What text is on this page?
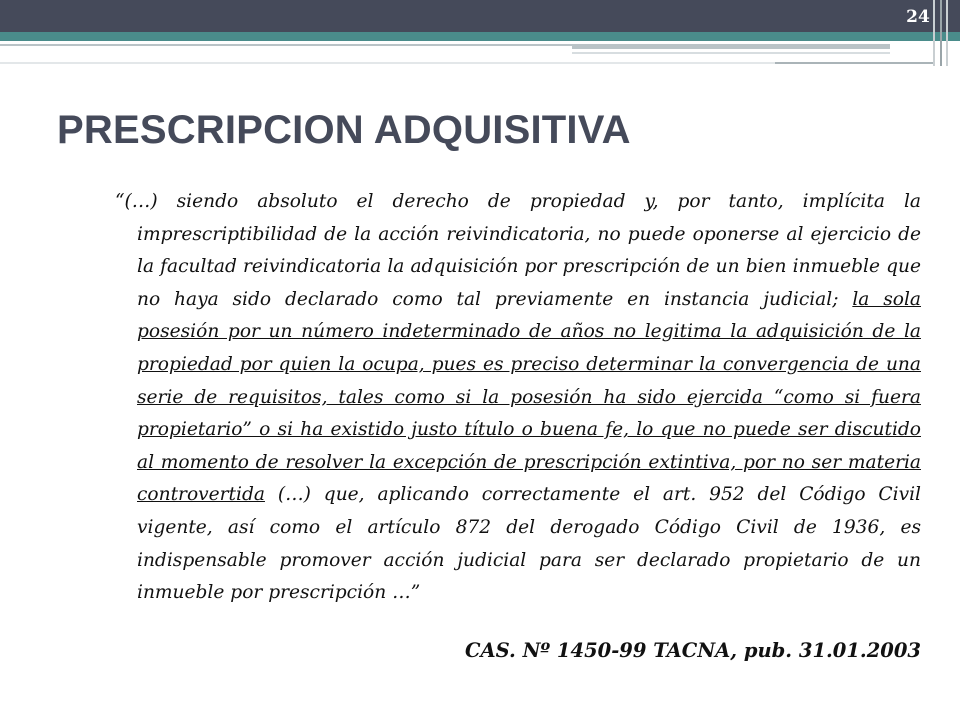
24
PRESCRIPCION ADQUISITIVA

“(…) siendo absoluto el derecho de propiedad y, por tanto, implícita la imprescriptibilidad de la acción reivindicatoria, no puede oponerse al ejercicio de la facultad reivindicatoria la adquisición por prescripción de un bien inmueble que no haya sido declarado como tal previamente en instancia judicial; la sola posesión por un número indeterminado de años no legitima la adquisición de la propiedad por quien la ocupa, pues es preciso determinar la convergencia de una serie de requisitos, tales como si la posesión ha sido ejercida “como si fuera propietario” o si ha existido justo título o buena fe, lo que no puede ser discutido al momento de resolver la excepción de prescripción extintiva, por no ser materia controvertida (…) que, aplicando correctamente el art. 952 del Código Civil vigente, así como el artículo 872 del derogado Código Civil de 1936, es indispensable promover acción judicial para ser declarado propietario de un inmueble por prescripción …”

CAS. Nº 1450-99 TACNA, pub. 31.01.2003
